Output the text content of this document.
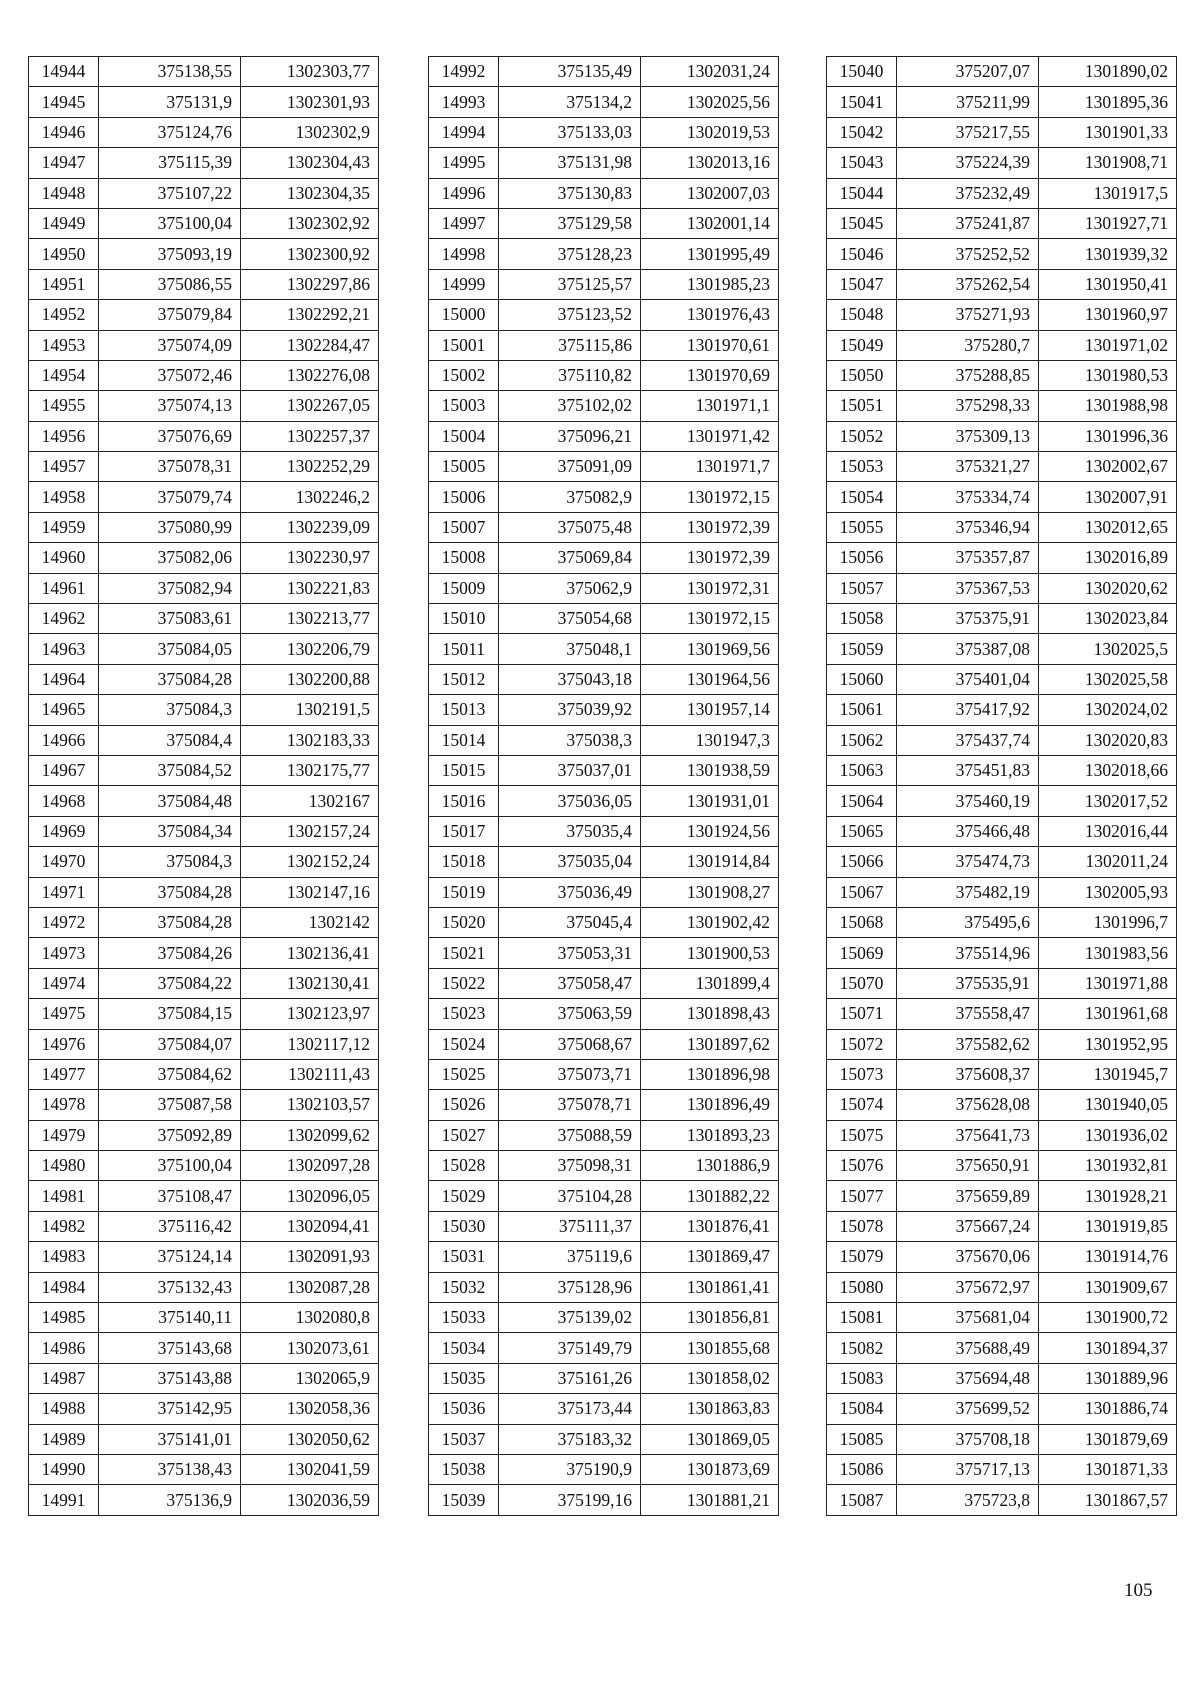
14944	375138,55	1302303,77
14945	375131,9	1302301,93
14946	375124,76	1302302,9
14947	375115,39	1302304,43
14948	375107,22	1302304,35
14949	375100,04	1302302,92
14950	375093,19	1302300,92
14951	375086,55	1302297,86
14952	375079,84	1302292,21
14953	375074,09	1302284,47
14954	375072,46	1302276,08
14955	375074,13	1302267,05
14956	375076,69	1302257,37
14957	375078,31	1302252,29
14958	375079,74	1302246,2
14959	375080,99	1302239,09
14960	375082,06	1302230,97
14961	375082,94	1302221,83
14962	375083,61	1302213,77
14963	375084,05	1302206,79
14964	375084,28	1302200,88
14965	375084,3	1302191,5
14966	375084,4	1302183,33
14967	375084,52	1302175,77
14968	375084,48	1302167
14969	375084,34	1302157,24
14970	375084,3	1302152,24
14971	375084,28	1302147,16
14972	375084,28	1302142
14973	375084,26	1302136,41
14974	375084,22	1302130,41
14975	375084,15	1302123,97
14976	375084,07	1302117,12
14977	375084,62	1302111,43
14978	375087,58	1302103,57
14979	375092,89	1302099,62
14980	375100,04	1302097,28
14981	375108,47	1302096,05
14982	375116,42	1302094,41
14983	375124,14	1302091,93
14984	375132,43	1302087,28
14985	375140,11	1302080,8
14986	375143,68	1302073,61
14987	375143,88	1302065,9
14988	375142,95	1302058,36
14989	375141,01	1302050,62
14990	375138,43	1302041,59
14991	375136,9	1302036,59
14992	375135,49	1302031,24
14993	375134,2	1302025,56
14994	375133,03	1302019,53
14995	375131,98	1302013,16
14996	375130,83	1302007,03
14997	375129,58	1302001,14
14998	375128,23	1301995,49
14999	375125,57	1301985,23
15000	375123,52	1301976,43
15001	375115,86	1301970,61
15002	375110,82	1301970,69
15003	375102,02	1301971,1
15004	375096,21	1301971,42
15005	375091,09	1301971,7
15006	375082,9	1301972,15
15007	375075,48	1301972,39
15008	375069,84	1301972,39
15009	375062,9	1301972,31
15010	375054,68	1301972,15
15011	375048,1	1301969,56
15012	375043,18	1301964,56
15013	375039,92	1301957,14
15014	375038,3	1301947,3
15015	375037,01	1301938,59
15016	375036,05	1301931,01
15017	375035,4	1301924,56
15018	375035,04	1301914,84
15019	375036,49	1301908,27
15020	375045,4	1301902,42
15021	375053,31	1301900,53
15022	375058,47	1301899,4
15023	375063,59	1301898,43
15024	375068,67	1301897,62
15025	375073,71	1301896,98
15026	375078,71	1301896,49
15027	375088,59	1301893,23
15028	375098,31	1301886,9
15029	375104,28	1301882,22
15030	375111,37	1301876,41
15031	375119,6	1301869,47
15032	375128,96	1301861,41
15033	375139,02	1301856,81
15034	375149,79	1301855,68
15035	375161,26	1301858,02
15036	375173,44	1301863,83
15037	375183,32	1301869,05
15038	375190,9	1301873,69
15039	375199,16	1301881,21
15040	375207,07	1301890,02
15041	375211,99	1301895,36
15042	375217,55	1301901,33
15043	375224,39	1301908,71
15044	375232,49	1301917,5
15045	375241,87	1301927,71
15046	375252,52	1301939,32
15047	375262,54	1301950,41
15048	375271,93	1301960,97
15049	375280,7	1301971,02
15050	375288,85	1301980,53
15051	375298,33	1301988,98
15052	375309,13	1301996,36
15053	375321,27	1302002,67
15054	375334,74	1302007,91
15055	375346,94	1302012,65
15056	375357,87	1302016,89
15057	375367,53	1302020,62
15058	375375,91	1302023,84
15059	375387,08	1302025,5
15060	375401,04	1302025,58
15061	375417,92	1302024,02
15062	375437,74	1302020,83
15063	375451,83	1302018,66
15064	375460,19	1302017,52
15065	375466,48	1302016,44
15066	375474,73	1302011,24
15067	375482,19	1302005,93
15068	375495,6	1301996,7
15069	375514,96	1301983,56
15070	375535,91	1301971,88
15071	375558,47	1301961,68
15072	375582,62	1301952,95
15073	375608,37	1301945,7
15074	375628,08	1301940,05
15075	375641,73	1301936,02
15076	375650,91	1301932,81
15077	375659,89	1301928,21
15078	375667,24	1301919,85
15079	375670,06	1301914,76
15080	375672,97	1301909,67
15081	375681,04	1301900,72
15082	375688,49	1301894,37
15083	375694,48	1301889,96
15084	375699,52	1301886,74
15085	375708,18	1301879,69
15086	375717,13	1301871,33
15087	375723,8	1301867,57
105
